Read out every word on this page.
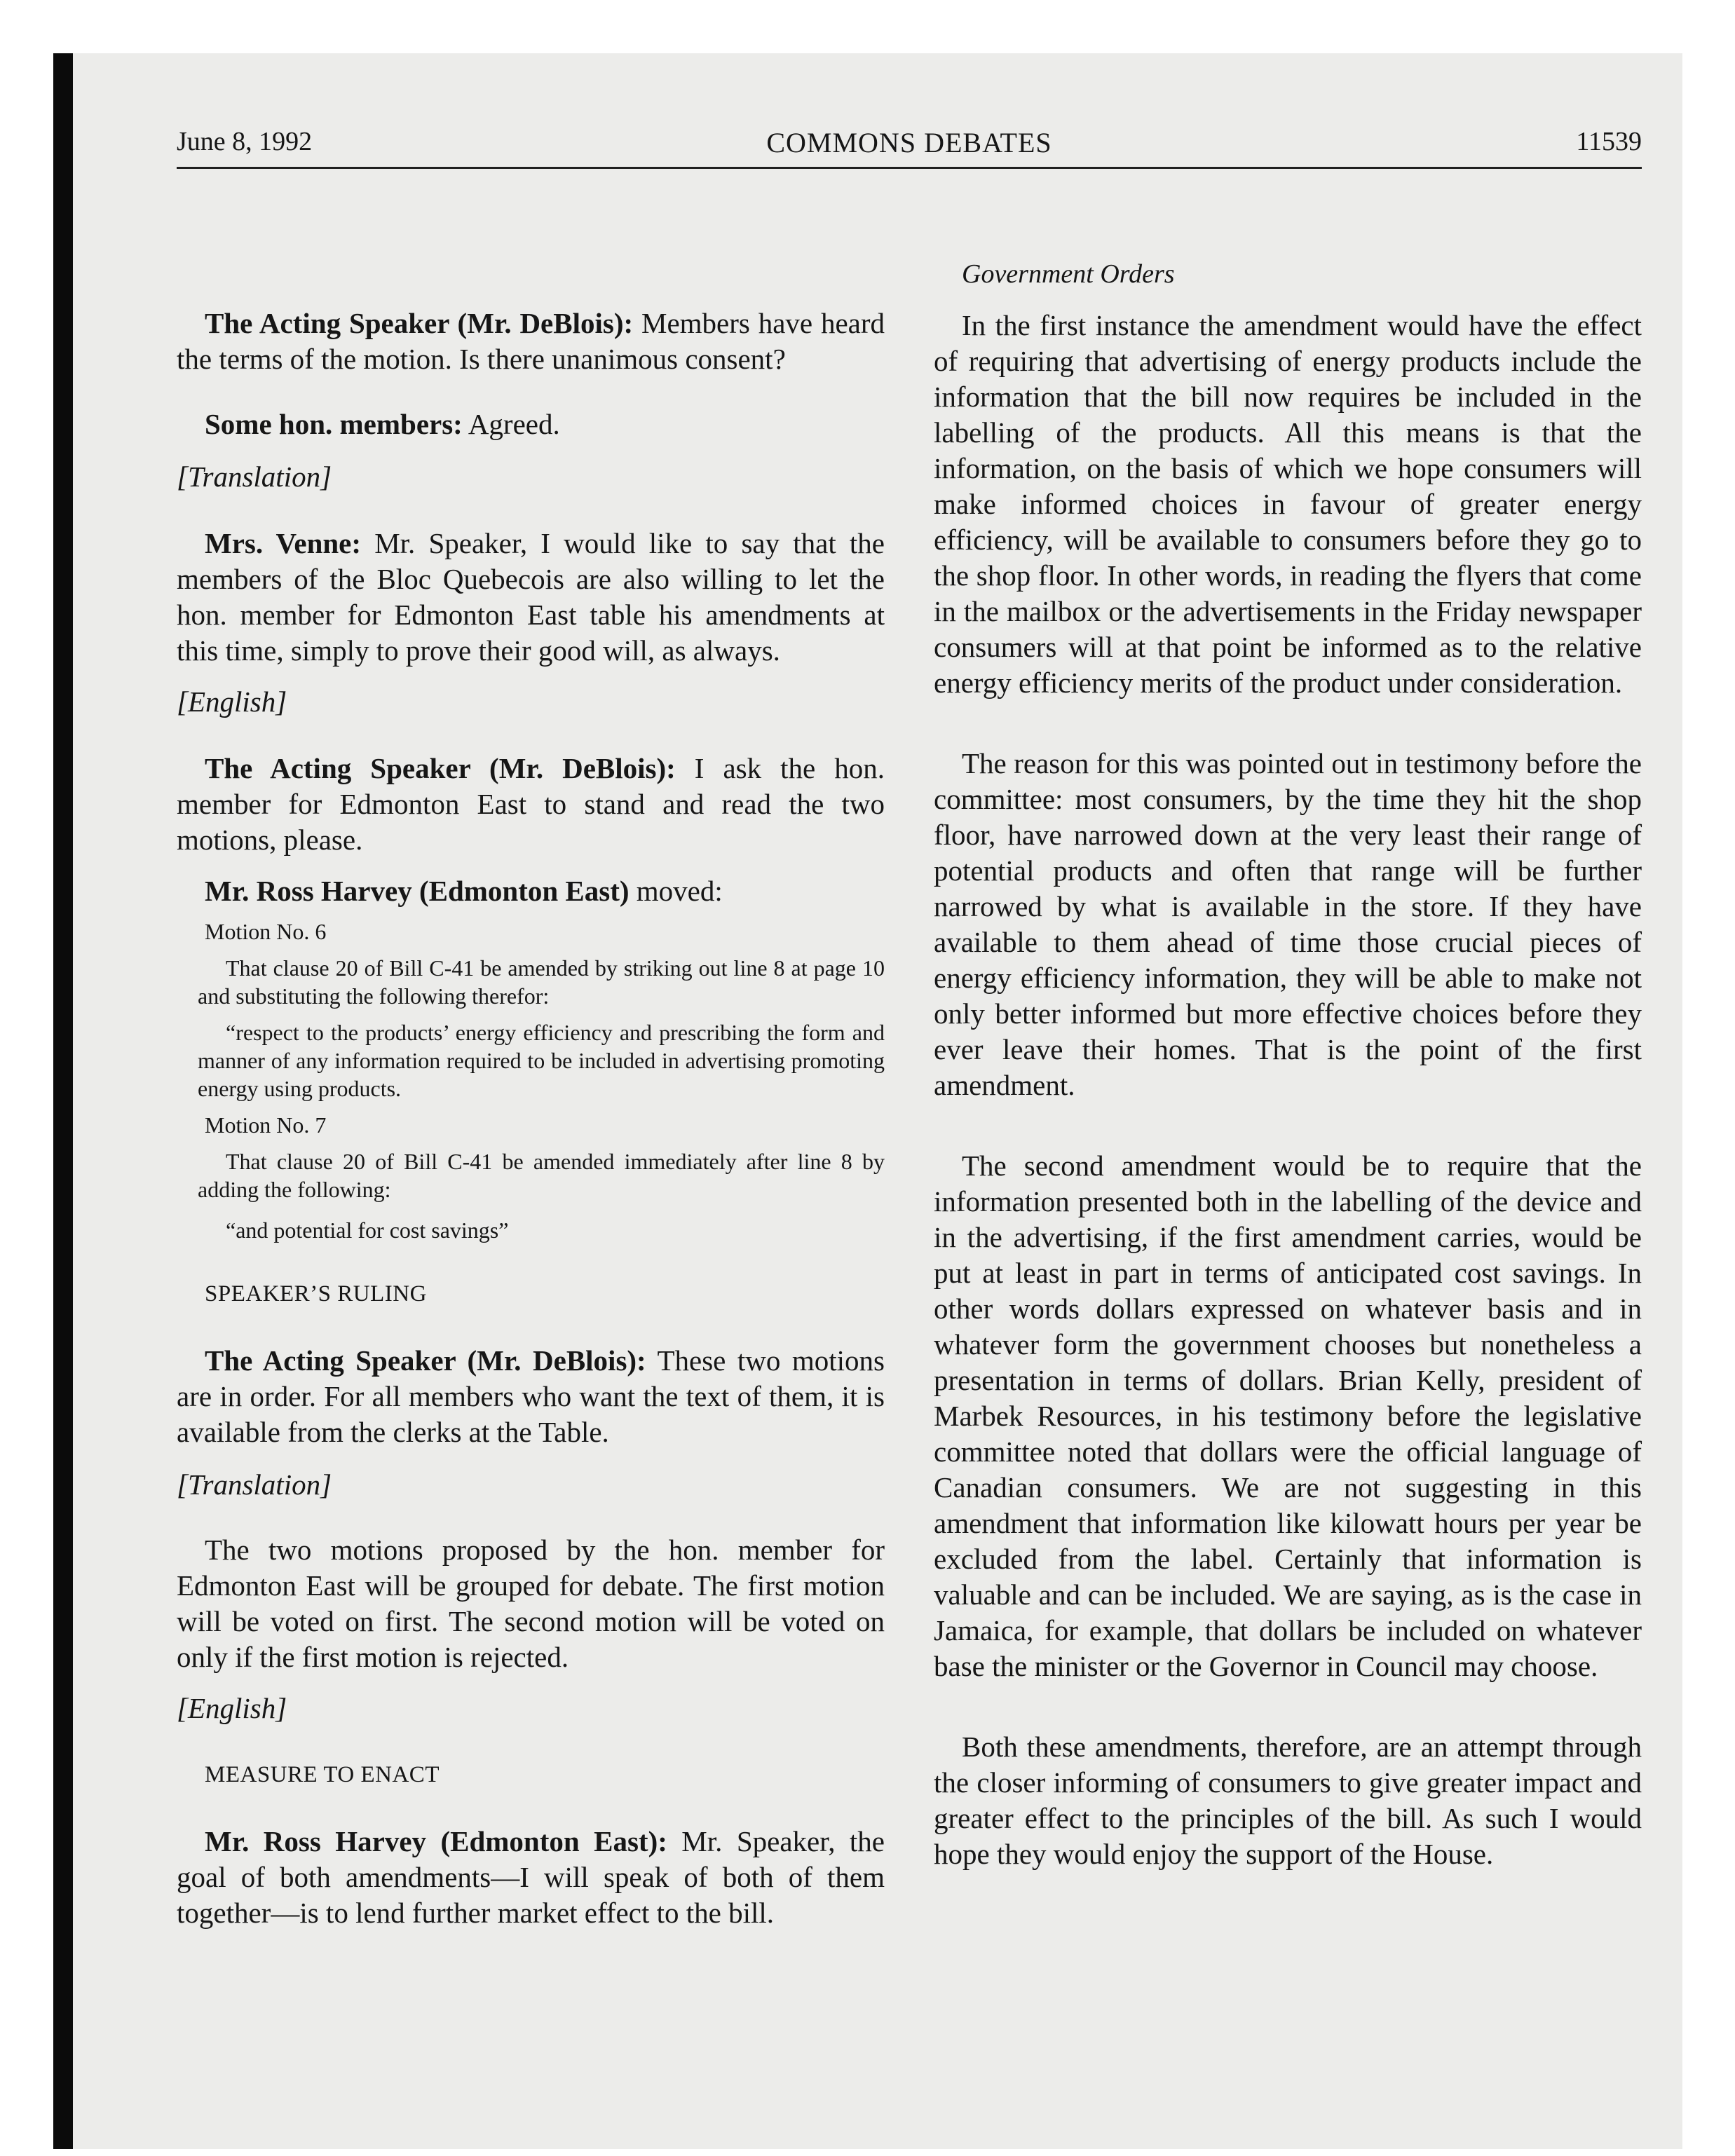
June 8, 1992	COMMONS DEBATES	11539

The Acting Speaker (Mr. DeBlois): Members have heard the terms of the motion. Is there unanimous consent?

Some hon. members: Agreed.

[Translation]

Mrs. Venne: Mr. Speaker, I would like to say that the members of the Bloc Quebecois are also willing to let the hon. member for Edmonton East table his amendments at this time, simply to prove their good will, as always.

[English]

The Acting Speaker (Mr. DeBlois): I ask the hon. member for Edmonton East to stand and read the two motions, please.

Mr. Ross Harvey (Edmonton East) moved:

Motion No. 6

That clause 20 of Bill C-41 be amended by striking out line 8 at page 10 and substituting the following therefor:

“respect to the products’ energy efficiency and prescribing the form and manner of any information required to be included in advertising promoting energy using products.

Motion No. 7

That clause 20 of Bill C-41 be amended immediately after line 8 by adding the following:

“and potential for cost savings”

SPEAKER’S RULING

The Acting Speaker (Mr. DeBlois): These two motions are in order. For all members who want the text of them, it is available from the clerks at the Table.

[Translation]

The two motions proposed by the hon. member for Edmonton East will be grouped for debate. The first motion will be voted on first. The second motion will be voted on only if the first motion is rejected.

[English]

MEASURE TO ENACT

Mr. Ross Harvey (Edmonton East): Mr. Speaker, the goal of both amendments—I will speak of both of them together—is to lend further market effect to the bill.

Government Orders

In the first instance the amendment would have the effect of requiring that advertising of energy products include the information that the bill now requires be included in the labelling of the products. All this means is that the information, on the basis of which we hope consumers will make informed choices in favour of greater energy efficiency, will be available to consumers before they go to the shop floor. In other words, in reading the flyers that come in the mailbox or the advertisements in the Friday newspaper consumers will at that point be informed as to the relative energy efficiency merits of the product under consideration.

The reason for this was pointed out in testimony before the committee: most consumers, by the time they hit the shop floor, have narrowed down at the very least their range of potential products and often that range will be further narrowed by what is available in the store. If they have available to them ahead of time those crucial pieces of energy efficiency information, they will be able to make not only better informed but more effective choices before they ever leave their homes. That is the point of the first amendment.

The second amendment would be to require that the information presented both in the labelling of the device and in the advertising, if the first amendment carries, would be put at least in part in terms of anticipated cost savings. In other words dollars expressed on whatever basis and in whatever form the government chooses but nonetheless a presentation in terms of dollars. Brian Kelly, president of Marbek Resources, in his testimony before the legislative committee noted that dollars were the official language of Canadian consumers. We are not suggesting in this amendment that information like kilowatt hours per year be excluded from the label. Certainly that information is valuable and can be included. We are saying, as is the case in Jamaica, for example, that dollars be included on whatever base the minister or the Governor in Council may choose.

Both these amendments, therefore, are an attempt through the closer informing of consumers to give greater impact and greater effect to the principles of the bill. As such I would hope they would enjoy the support of the House.
